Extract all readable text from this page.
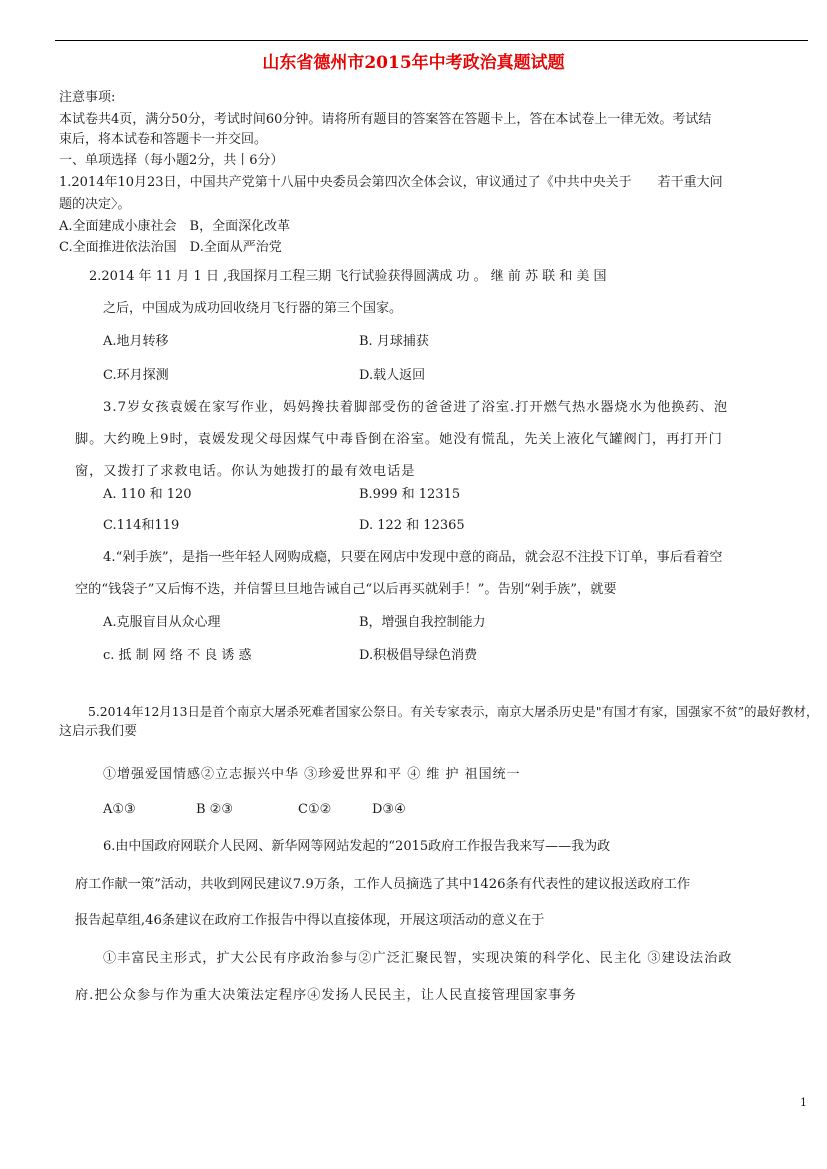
山东省德州市2015年中考政治真题试题
注意事项:
本试卷共4页，满分50分，考试时间60分钟。请将所有题目的答案答在答题卡上，答在本试卷上一律无效。考试结
束后，将本试卷和答题卡一并交回。
一、单项选择（每小题2分，共丨6分）
1.2014年10月23日，中国共产党第十八届中央委员会第四次全体会议，审议通过了《中共中央关于　　若干重大问
题的决定〉。
A.全面建成小康社会　B，全面深化改革
C.全面推进依法治国　D.全面从严治党
2.2014 年 11 月 1 日 ,我国探月工程三期 飞行试验获得圆满成 功 。 继 前 苏 联 和 美 国
之后，中国成为成功回收绕月飞行器的第三个国家。
A.地月转移	B. 月球捕获
C.环月探测	D.载人返回
3.7岁女孩袁媛在家写作业，妈妈搀扶着脚部受伤的爸爸进了浴室.打开燃气热水器烧水为他换药、泡
脚。大约晚上9时，袁媛发现父母因煤气中毒昏倒在浴室。她没有慌乱，先关上液化气罐阀门，再打开门
窗，又拨打了求救电话。你认为她拨打的最有效电话是
A. 110 和 120	B.999 和 12315
C.114和119	D. 122 和 12365
4.“剁手族”，是指一些年轻人网购成瘾，只要在网店中发现中意的商品，就会忍不注投下订单，事后看着空
空的“钱袋子”又后悔不迭，并信誓旦旦地告诫自己“以后再买就剁手！”。告别“剁手族”，就要
A.克服盲目从众心理	B，增强自我控制能力
c. 抵 制 网 络 不 良 诱 惑	D.积极倡导绿色消费
5.2014年12月13日是首个南京大屠杀死难者国家公祭日。有关专家表示，南京大屠杀历史是"有国才有家，国强家不贫”的最好教材，
这启示我们要
①增强爱国情感②立志振兴中华 ③珍爱世界和平 ④ 维 护 祖国统一
A①③	B ②③	C①②	D③④
6.由中国政府网联介人民网、新华网等网站发起的“2015政府工作报告我来写——我为政
府工作献一策”活动，共收到网民建议7.9万条，工作人员摘选了其中1426条有代表性的建议报送政府工作
报告起草组,46条建议在政府工作报告中得以直接体现，开展这项活动的意义在于
①丰富民主形式，扩大公民有序政治参与②广泛汇聚民智，实现决策的科学化、民主化 ③建设法治政
府.把公众参与作为重大决策法定程序④发扬人民民主，让人民直接管理国家事务
1
